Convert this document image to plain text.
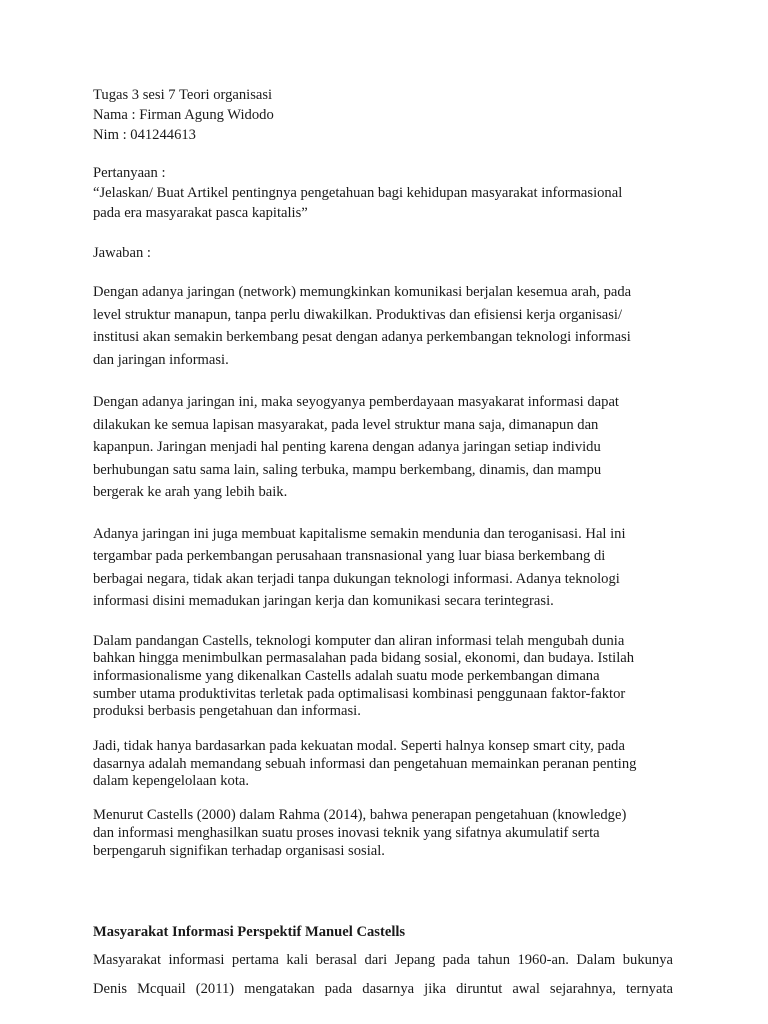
Tugas 3 sesi 7 Teori organisasi
Nama : Firman Agung Widodo
Nim : 041244613
Pertanyaan :
“Jelaskan/ Buat Artikel pentingnya pengetahuan bagi kehidupan masyarakat informasional
pada era masyarakat pasca kapitalis”
Jawaban :
Dengan adanya jaringan (network) memungkinkan komunikasi berjalan kesemua arah, pada
level struktur manapun, tanpa perlu diwakilkan. Produktivas dan efisiensi kerja organisasi/
institusi akan semakin berkembang pesat dengan adanya perkembangan teknologi informasi
dan jaringan informasi.
Dengan adanya jaringan ini, maka seyogyanya pemberdayaan masyakarat informasi dapat
dilakukan ke semua lapisan masyarakat, pada level struktur mana saja, dimanapun dan
kapanpun. Jaringan menjadi hal penting karena dengan adanya jaringan setiap individu
berhubungan satu sama lain, saling terbuka, mampu berkembang, dinamis, dan mampu
bergerak ke arah yang lebih baik.
Adanya jaringan ini juga membuat kapitalisme semakin mendunia dan teroganisasi. Hal ini
tergambar pada perkembangan perusahaan transnasional yang luar biasa berkembang di
berbagai negara, tidak akan terjadi tanpa dukungan teknologi informasi. Adanya teknologi
informasi disini memadukan jaringan kerja dan komunikasi secara terintegrasi.
Dalam pandangan Castells, teknologi komputer dan aliran informasi telah mengubah dunia
bahkan hingga menimbulkan permasalahan pada bidang sosial, ekonomi, dan budaya. Istilah
informasionalisme yang dikenalkan Castells adalah suatu mode perkembangan dimana
sumber utama produktivitas terletak pada optimalisasi kombinasi penggunaan faktor-faktor
produksi berbasis pengetahuan dan informasi.
Jadi, tidak hanya bardasarkan pada kekuatan modal. Seperti halnya konsep smart city, pada
dasarnya adalah memandang sebuah informasi dan pengetahuan memainkan peranan penting
dalam kepengelolaan kota.
Menurut Castells (2000) dalam Rahma (2014), bahwa penerapan pengetahuan (knowledge)
dan informasi menghasilkan suatu proses inovasi teknik yang sifatnya akumulatif serta
berpengaruh signifikan terhadap organisasi sosial.
Masyarakat Informasi Perspektif Manuel Castells
Masyarakat informasi pertama kali berasal dari Jepang pada tahun 1960-an. Dalam bukunya
Denis Mcquail (2011) mengatakan pada dasarnya jika diruntut awal sejarahnya, ternyata
